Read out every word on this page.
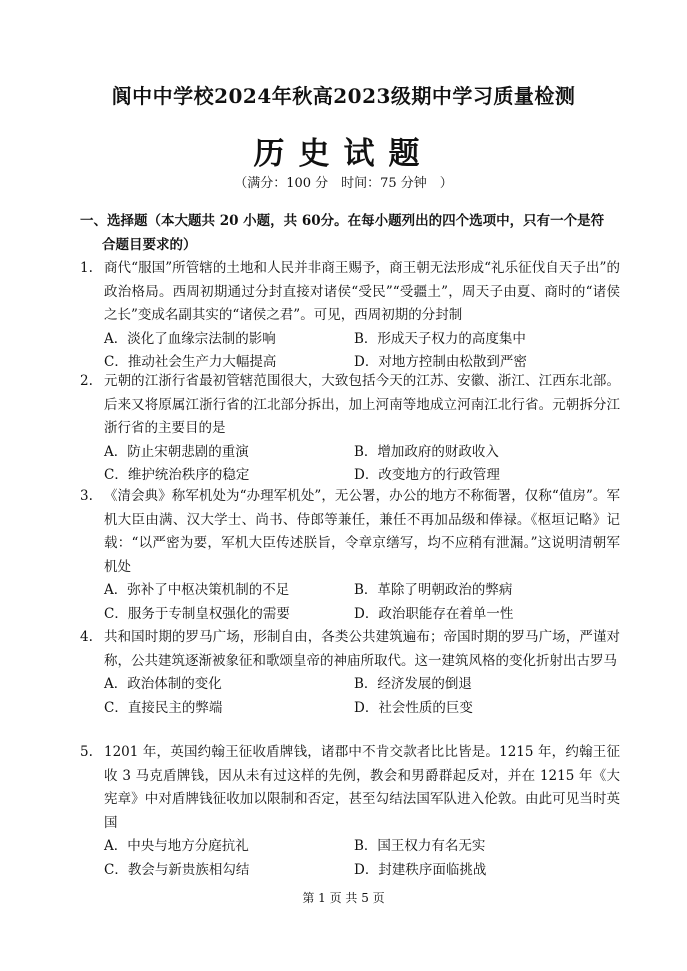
阆中中学校2024年秋高2023级期中学习质量检测
历史试题
（满分：100 分　时间：75 分钟　）
一、选择题（本大题共 20 小题，共 60分。在每小题列出的四个选项中，只有一个是符
合题目要求的）
1. 商代“服国”所管辖的土地和人民并非商王赐予，商王朝无法形成“礼乐征伐自天子出”的政治格局。西周初期通过分封直接对诸侯“受民”“受疆土”，周天子由夏、商时的“诸侯之长”变成名副其实的“诸侯之君”。可见，西周初期的分封制
A．淡化了血缘宗法制的影响	B．形成天子权力的高度集中
C．推动社会生产力大幅提高	D．对地方控制由松散到严密
2. 元朝的江浙行省最初管辖范围很大，大致包括今天的江苏、安徽、浙江、江西东北部。后来又将原属江浙行省的江北部分拆出，加上河南等地成立河南江北行省。元朝拆分江浙行省的主要目的是
A．防止宋朝悲剧的重演	B．增加政府的财政收入
C．维护统治秩序的稳定	D．改变地方的行政管理
3. 《清会典》称军机处为“办理军机处”，无公署，办公的地方不称衙署，仅称“值房”。军机大臣由满、汉大学士、尚书、侍郎等兼任，兼任不再加品级和俸禄。《枢垣记略》记载：“以严密为要，军机大臣传述朕旨，令章京缮写，均不应稍有泄漏。”这说明清朝军机处
A．弥补了中枢决策机制的不足	B．革除了明朝政治的弊病
C．服务于专制皇权强化的需要	D．政治职能存在着单一性
4. 共和国时期的罗马广场，形制自由，各类公共建筑遍布；帝国时期的罗马广场，严谨对称，公共建筑逐渐被象征和歌颂皇帝的神庙所取代。这一建筑风格的变化折射出古罗马
A．政治体制的变化	B．经济发展的倒退
C．直接民主的弊端	D．社会性质的巨变
5. 1201 年，英国约翰王征收盾牌钱，诸郡中不肯交款者比比皆是。1215 年，约翰王征收 3 马克盾牌钱，因从未有过这样的先例，教会和男爵群起反对，并在 1215 年《大宪章》中对盾牌钱征收加以限制和否定，甚至勾结法国军队进入伦敦。由此可见当时英国
A．中央与地方分庭抗礼	B．国王权力有名无实
C．教会与新贵族相勾结	D．封建秩序面临挑战
第 1 页 共 5 页
